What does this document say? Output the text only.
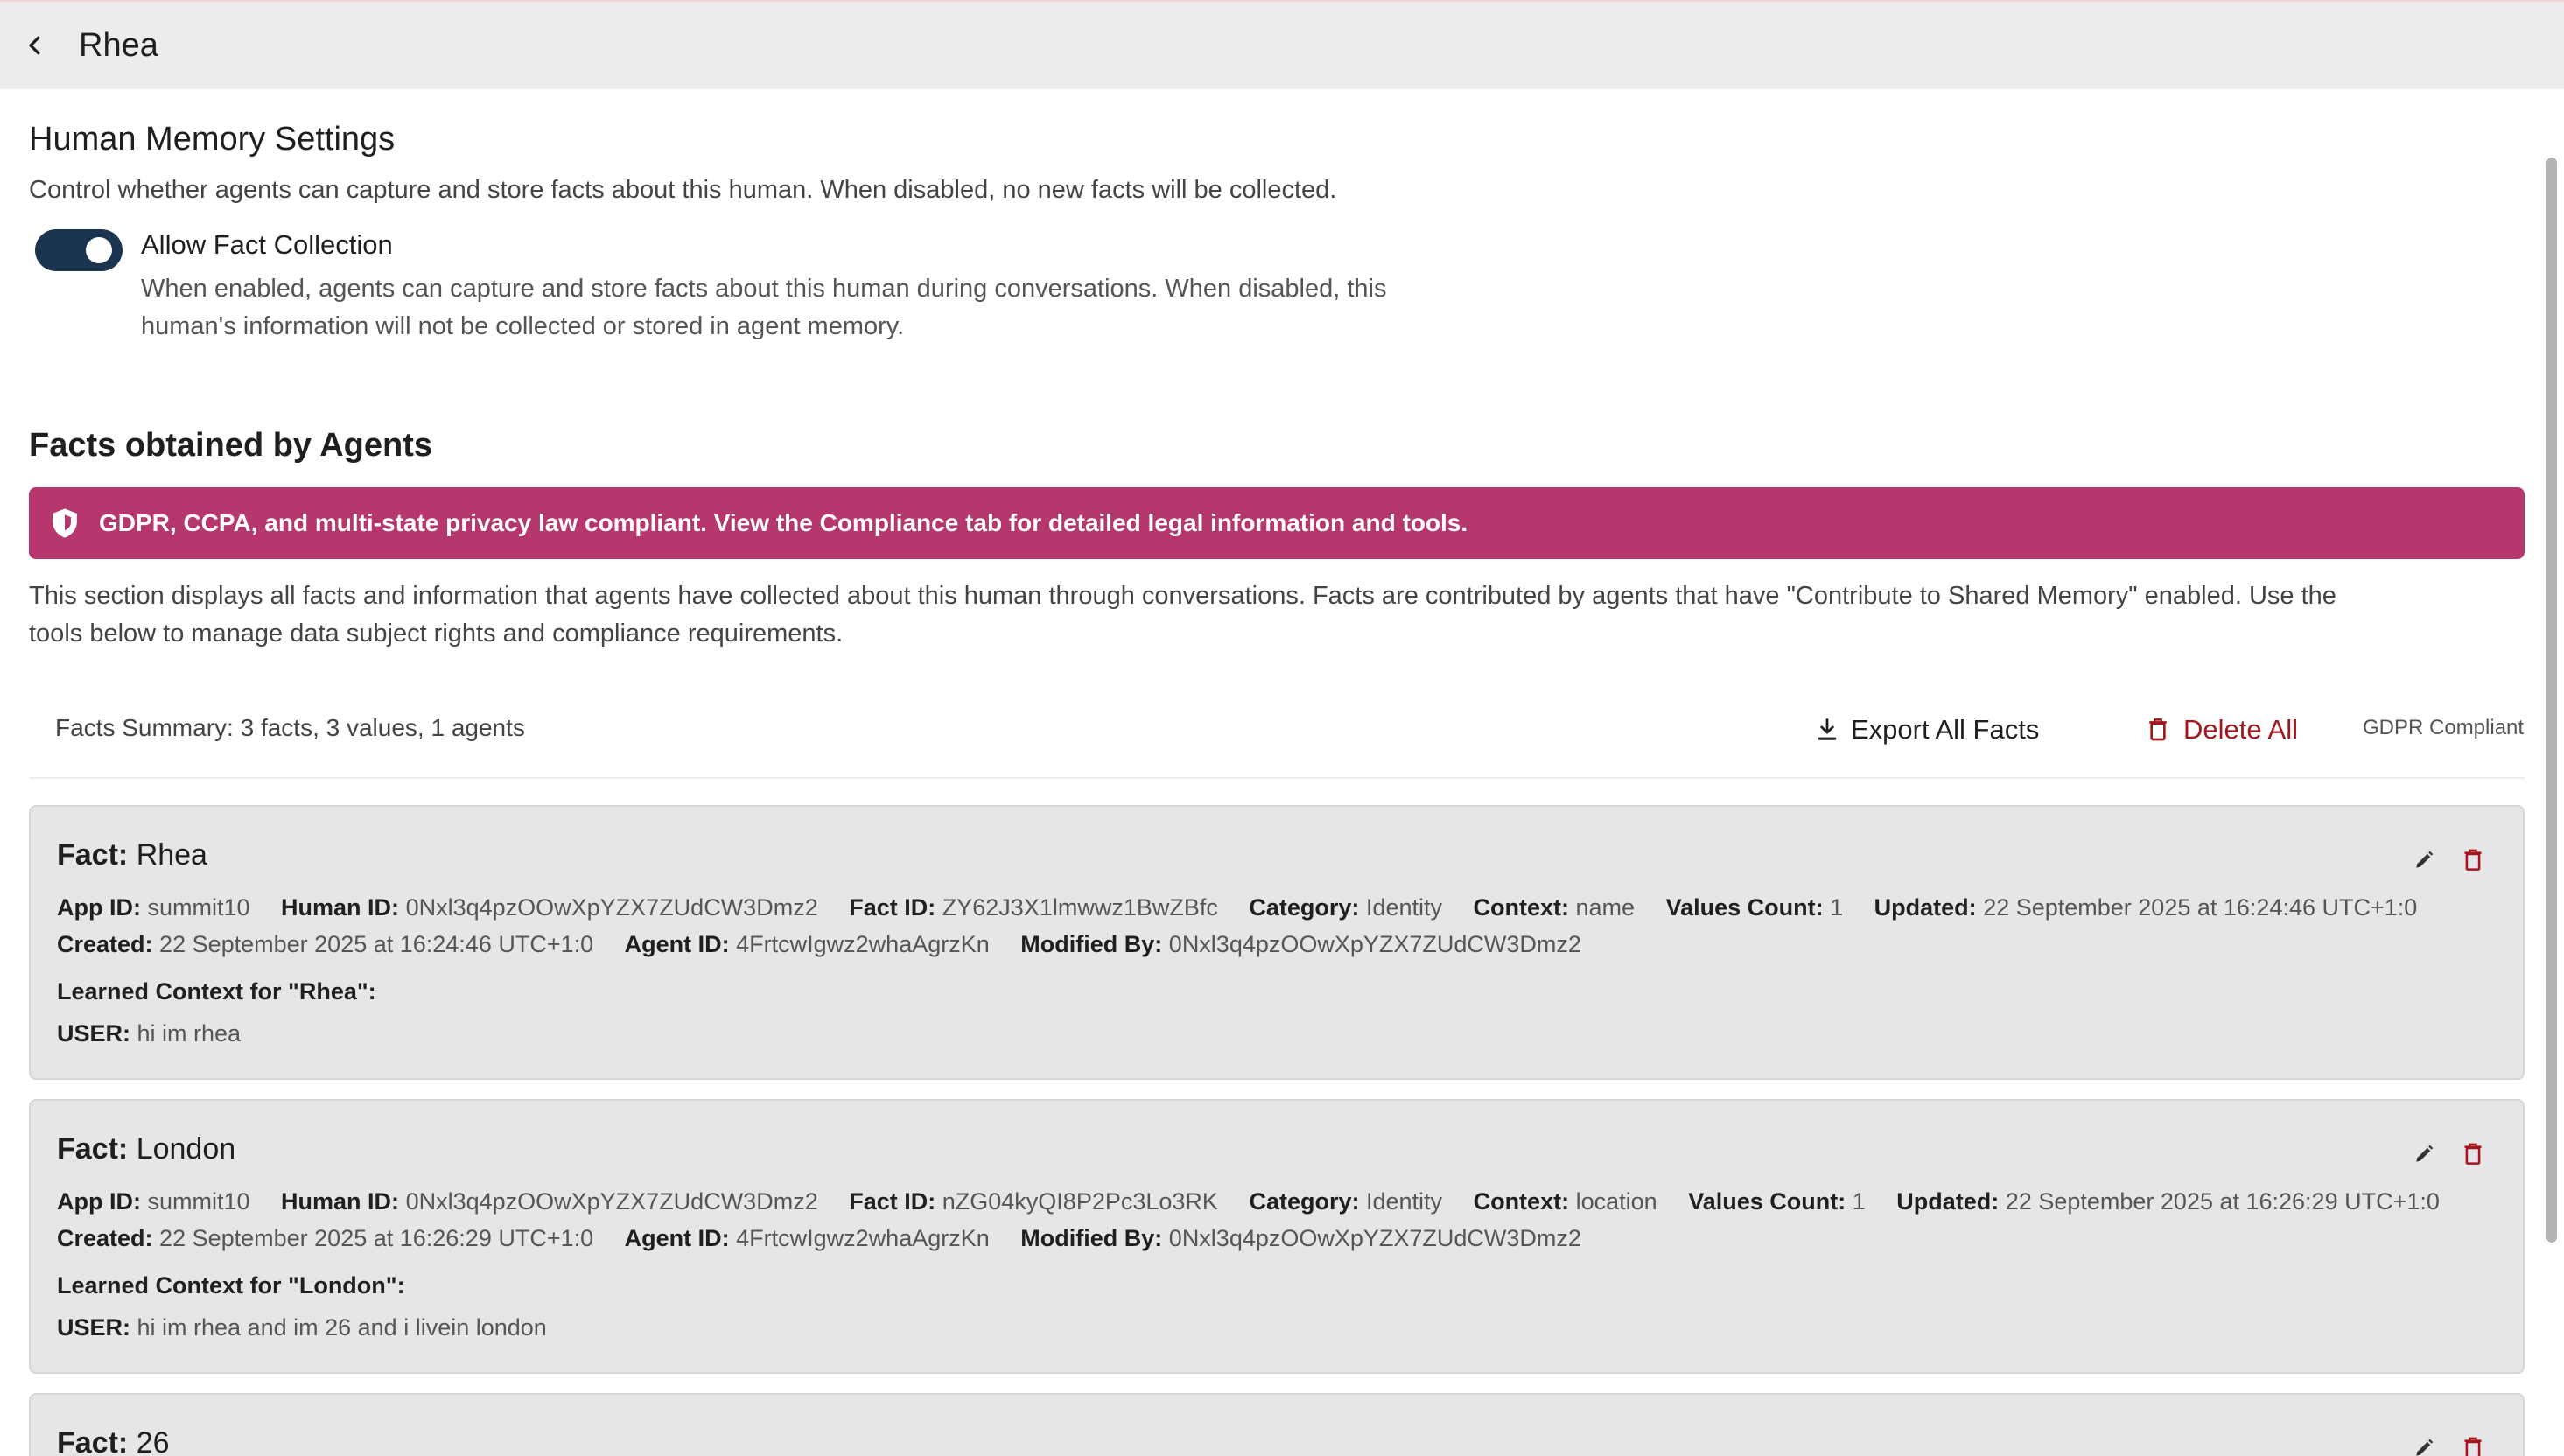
Rhea
Human Memory Settings
Control whether agents can capture and store facts about this human. When disabled, no new facts will be collected.
Allow Fact Collection
When enabled, agents can capture and store facts about this human during conversations. When disabled, this
human's information will not be collected or stored in agent memory.
Facts obtained by Agents
GDPR, CCPA, and multi-state privacy law compliant. View the Compliance tab for detailed legal information and tools.
This section displays all facts and information that agents have collected about this human through conversations. Facts are contributed by agents that have "Contribute to Shared Memory" enabled. Use the
tools below to manage data subject rights and compliance requirements.
Facts Summary: 3 facts, 3 values, 1 agents	Export All Facts	Delete All	GDPR Compliant
Fact: Rhea
App ID: summit10 Human ID: 0Nxl3q4pzOOwXpYZX7ZUdCW3Dmz2 Fact ID: ZY62J3X1lmwwz1BwZBfc Category: Identity Context: name Values Count: 1 Updated: 22 September 2025 at 16:24:46 UTC+1:0
Created: 22 September 2025 at 16:24:46 UTC+1:0 Agent ID: 4FrtcwIgwz2whaAgrzKn Modified By: 0Nxl3q4pzOOwXpYZX7ZUdCW3Dmz2
Learned Context for "Rhea":
USER: hi im rhea
Fact: London
App ID: summit10 Human ID: 0Nxl3q4pzOOwXpYZX7ZUdCW3Dmz2 Fact ID: nZG04kyQI8P2Pc3Lo3RK Category: Identity Context: location Values Count: 1 Updated: 22 September 2025 at 16:26:29 UTC+1:0
Created: 22 September 2025 at 16:26:29 UTC+1:0 Agent ID: 4FrtcwIgwz2whaAgrzKn Modified By: 0Nxl3q4pzOOwXpYZX7ZUdCW3Dmz2
Learned Context for "London":
USER: hi im rhea and im 26 and i livein london
Fact: 26
